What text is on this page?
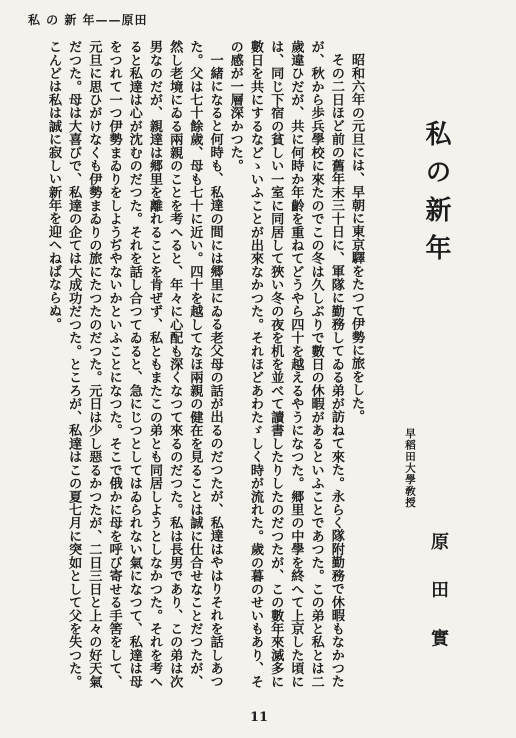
私 の 新 年——原田
私の新年
早稻田大學敎授
原 田 實

昭和六年の元旦には、早朝に東京驛をたつて伊勢に旅をした。

その二日ほど前の舊年末三十日に、軍隊に勤務してゐる弟が訪ねて來た。永らく隊附勤務で休暇もなかつたが、秋から歩兵學校に來たのでこの冬は久しぶりで數日の休暇があるといふことであつた。この弟と私とは二歲違ひだが、共に何時か年齡を重ねてどうやら四十を越えるやうになつた。郷里の中學を終へて上京した頃には、同じ下宿の貧しい一室に同居して狹い冬の夜を机を並べて讀書したりしたのだつたが、この數年來滅多に數日を共にするなどゝいふことが出來なかつた。それほどあわたゞしく時が流れた。歲の暮のせいもあり、その感が一層深かつた。

一緒になると何時も、私達の間には郷里にゐる老父母の話が出るのだつたが、私達はやはりそれを話しあつた。父は七十餘歲、母も七十に近い。四十を越してなほ兩親の健在を見ることは誠に仕合せなことだつたが、然し老境にゐる兩親のことを考へると、年々に心配も深くなつて來るのだつた。私は長男であり、この弟は次男なのだが、親達は郷里を離れることを肯ぜず、私ともまたこの弟とも同居しようとしなかつた。それを考へると私達は心が沈むのだつた。それを話し合つてゐると、急にじつとしてはゐられない氣になつて、私達は母をつれて一つ伊勢まゐりをしようぢやないかといふことになつた。そこで俄かに母を呼び寄せる手筈をして、元旦に思ひがけなくも伊勢まゐりの旅にたつたのだつた。元日は少し惡るかつたが、二日三日と上々の好天氣だつた。母は大喜びで、私達の企ては大成功だつた。ところが、私達はこの夏七月に突如として父を失つた。こんどは私は誠に寂しい新年を迎へねばならぬ。

11
